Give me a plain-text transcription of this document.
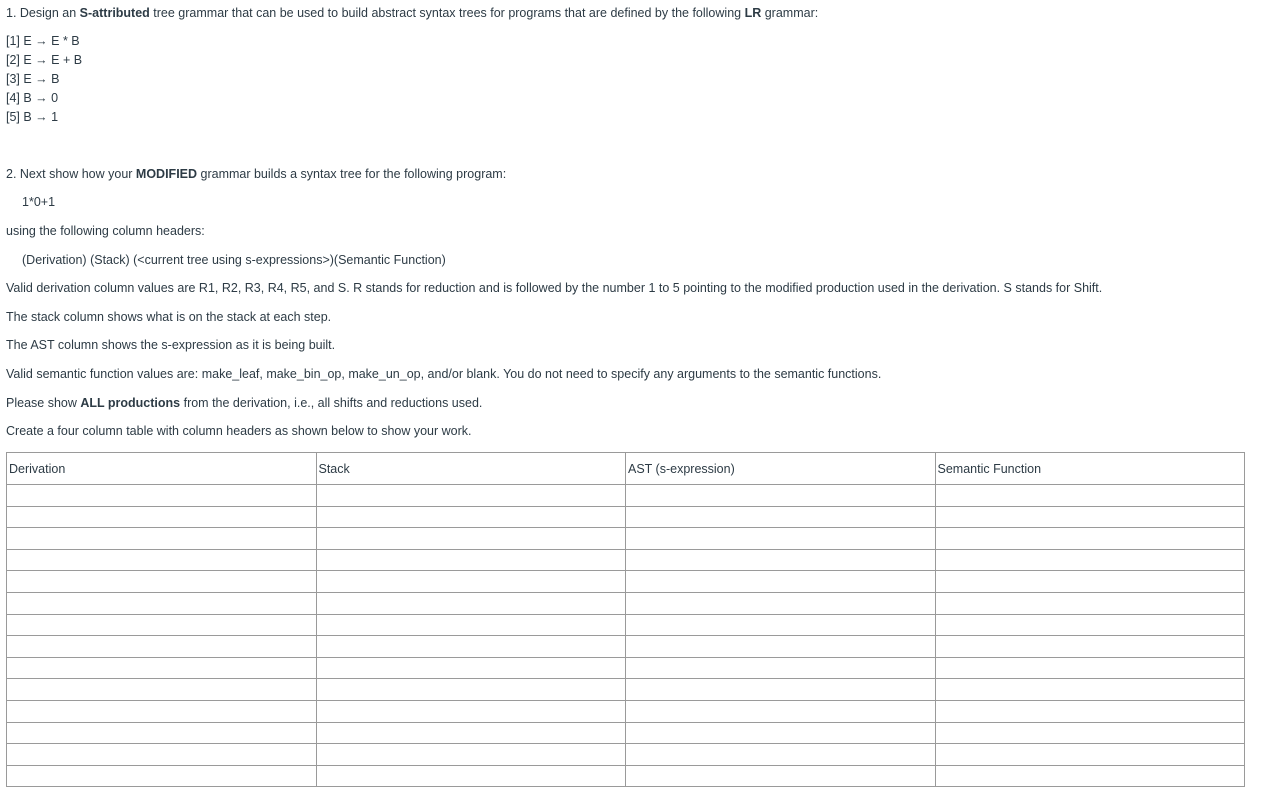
1. Design an S-attributed tree grammar that can be used to build abstract syntax trees for programs that are defined by the following LR grammar:
[1] E → E * B
[2] E → E + B
[3] E → B
[4] B → 0
[5] B → 1
2. Next show how your MODIFIED grammar builds a syntax tree for the following program:
1*0+1
using the following column headers:
(Derivation) (Stack) (<current tree using s-expressions>)(Semantic Function)
Valid derivation column values are R1, R2, R3, R4, R5, and S. R stands for reduction and is followed by the number 1 to 5 pointing to the modified production used in the derivation. S stands for Shift.
The stack column shows what is on the stack at each step.
The AST column shows the s-expression as it is being built.
Valid semantic function values are: make_leaf, make_bin_op, make_un_op, and/or blank. You do not need to specify any arguments to the semantic functions.
Please show ALL productions from the derivation, i.e., all shifts and reductions used.
Create a four column table with column headers as shown below to show your work.
Derivation	Stack	AST (s-expression)	Semantic Function
